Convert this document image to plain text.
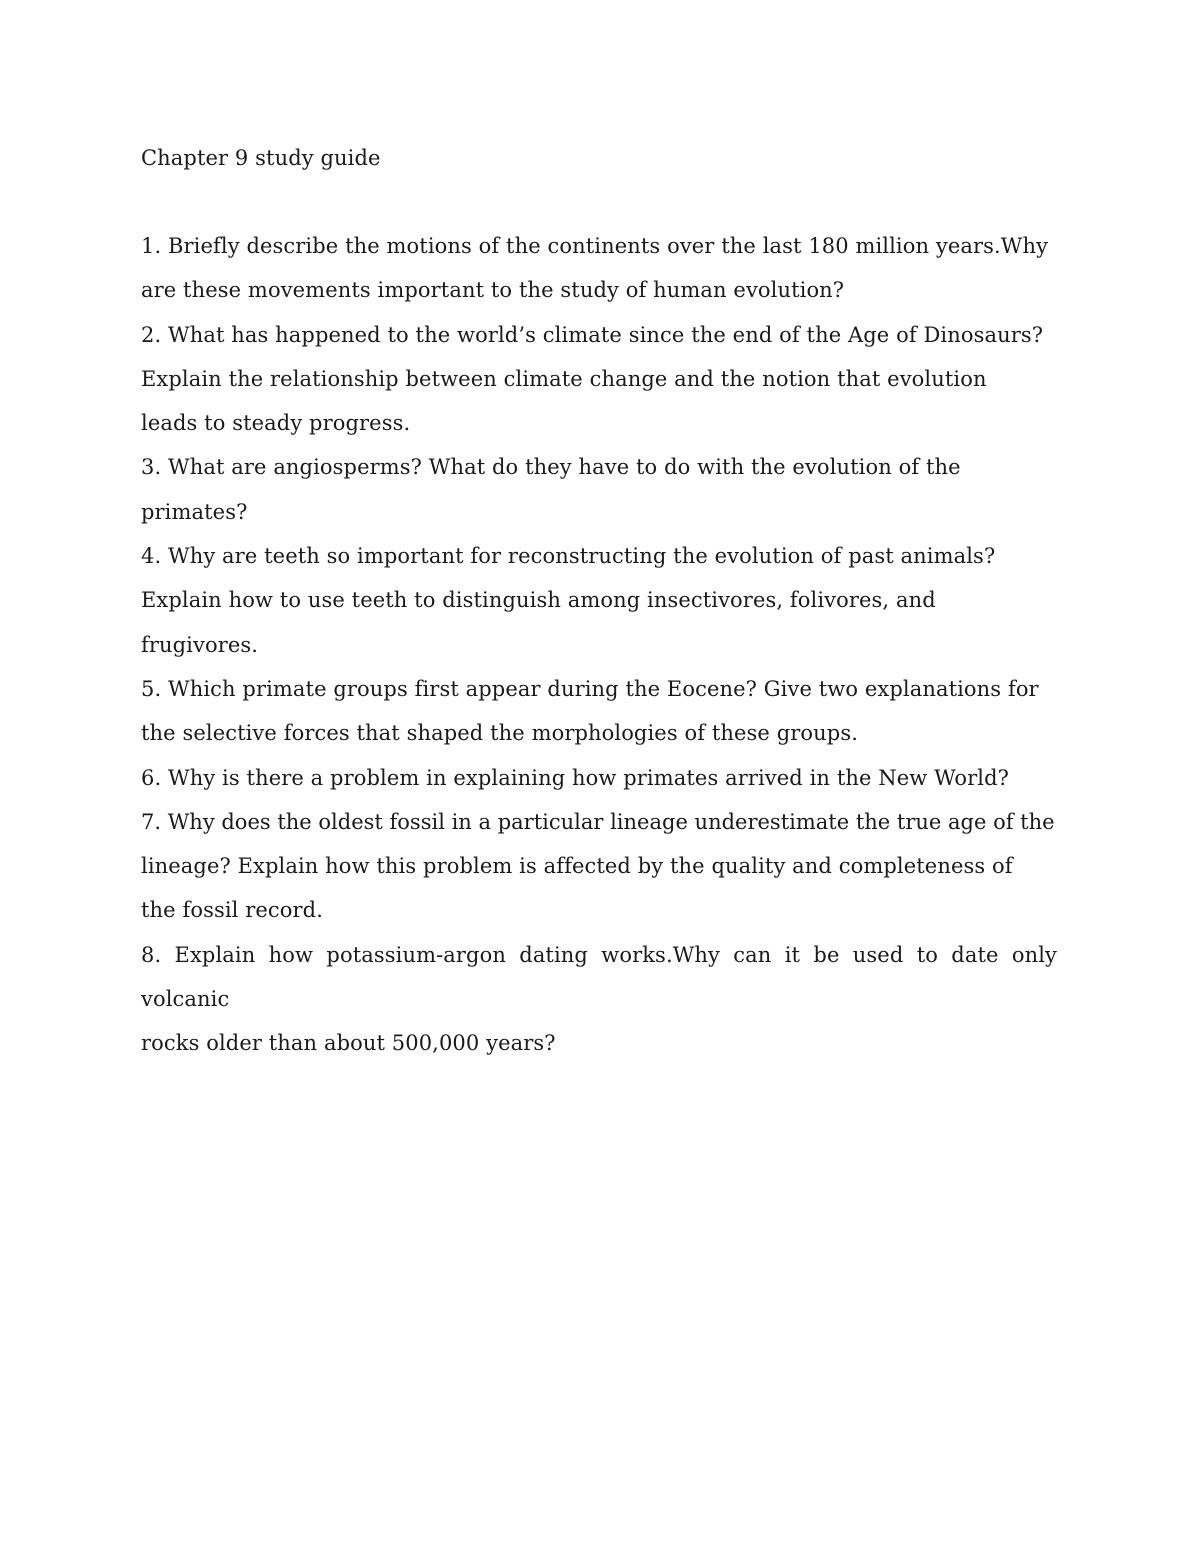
Chapter 9 study guide

1. Briefly describe the motions of the continents over the last 180 million years.Why

are these movements important to the study of human evolution?

2. What has happened to the world’s climate since the end of the Age of Dinosaurs?

Explain the relationship between climate change and the notion that evolution

leads to steady progress.

3. What are angiosperms? What do they have to do with the evolution of the

primates?

4. Why are teeth so important for reconstructing the evolution of past animals?

Explain how to use teeth to distinguish among insectivores, folivores, and

frugivores.

5. Which primate groups first appear during the Eocene? Give two explanations for

the selective forces that shaped the morphologies of these groups.

6. Why is there a problem in explaining how primates arrived in the New World?

7. Why does the oldest fossil in a particular lineage underestimate the true age of the

lineage? Explain how this problem is affected by the quality and completeness of

the fossil record.

8. Explain how potassium-argon dating works.Why can it be used to date only

volcanic

rocks older than about 500,000 years?
